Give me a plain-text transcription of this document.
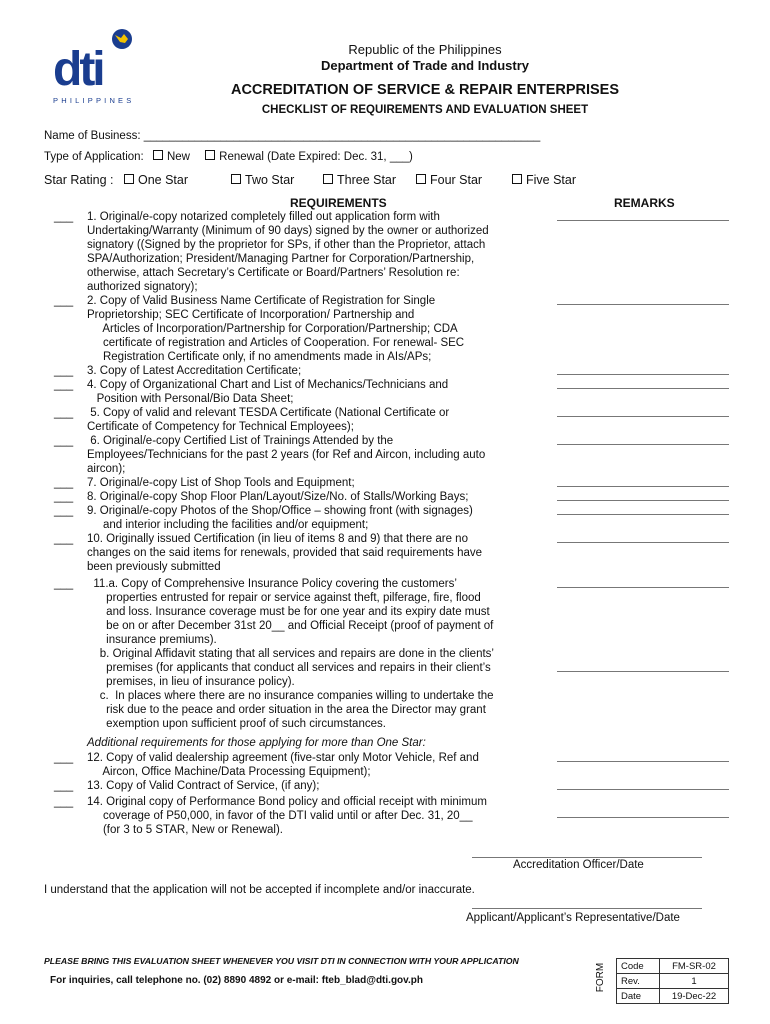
dti
PHILIPPINES
Republic of the Philippines
Department of Trade and Industry
ACCREDITATION OF SERVICE & REPAIR ENTERPRISES
CHECKLIST OF REQUIREMENTS AND EVALUATION SHEET
Name of Business: ______________________________________________________________
Type of Application: New	Renewal (Date Expired: Dec. 31, ___)
Star Rating :	One Star	Two Star	Three Star	Four Star	Five Star
REQUIREMENTS	REMARKS
___ 1. Original/e-copy notarized completely filled out application form with
Undertaking/Warranty (Minimum of 90 days) signed by the owner or authorized
signatory ((Signed by the proprietor for SPs, if other than the Proprietor, attach
SPA/Authorization; President/Managing Partner for Corporation/Partnership,
otherwise, attach Secretary’s Certificate or Board/Partners’ Resolution re:
authorized signatory);
___ 2. Copy of Valid Business Name Certificate of Registration for Single
Proprietorship; SEC Certificate of Incorporation/ Partnership and
Articles of Incorporation/Partnership for Corporation/Partnership; CDA
certificate of registration and Articles of Cooperation. For renewal- SEC
Registration Certificate only, if no amendments made in AIs/APs;
___ 3. Copy of Latest Accreditation Certificate;
___ 4. Copy of Organizational Chart and List of Mechanics/Technicians and
Position with Personal/Bio Data Sheet;
___ 5. Copy of valid and relevant TESDA Certificate (National Certificate or
Certificate of Competency for Technical Employees);
___ 6. Original/e-copy Certified List of Trainings Attended by the
Employees/Technicians for the past 2 years (for Ref and Aircon, including auto
aircon);
___ 7. Original/e-copy List of Shop Tools and Equipment;
___ 8. Original/e-copy Shop Floor Plan/Layout/Size/No. of Stalls/Working Bays;
___ 9. Original/e-copy Photos of the Shop/Office – showing front (with signages)
and interior including the facilities and/or equipment;
___ 10. Originally issued Certification (in lieu of items 8 and 9) that there are no
changes on the said items for renewals, provided that said requirements have
been previously submitted
___	11.a. Copy of Comprehensive Insurance Policy covering the customers’
properties entrusted for repair or service against theft, pilferage, fire, flood
and loss. Insurance coverage must be for one year and its expiry date must
be on or after December 31st 20__ and Official Receipt (proof of payment of
insurance premiums).
b. Original Affidavit stating that all services and repairs are done in the clients’
premises (for applicants that conduct all services and repairs in their client’s
premises, in lieu of insurance policy).
c.  In places where there are no insurance companies willing to undertake the
risk due to the peace and order situation in the area the Director may grant
exemption upon sufficient proof of such circumstances.
Additional requirements for those applying for more than One Star:
___ 12. Copy of valid dealership agreement (five-star only Motor Vehicle, Ref and
Aircon, Office Machine/Data Processing Equipment);
___ 13. Copy of Valid Contract of Service, (if any);
___ 14. Original copy of Performance Bond policy and official receipt with minimum
coverage of P50,000, in favor of the DTI valid until or after Dec. 31, 20__
(for 3 to 5 STAR, New or Renewal).
Accreditation Officer/Date
I understand that the application will not be accepted if incomplete and/or inaccurate.
Applicant/Applicant’s Representative/Date
PLEASE BRING THIS EVALUATION SHEET WHENEVER YOU VISIT DTI IN CONNECTION WITH YOUR APPLICATION
For inquiries, call telephone no. (02) 8890 4892 or e-mail: fteb_blad@dti.gov.ph	FORM Code	FM-SR-02
Rev.	1
Date	19-Dec-22
